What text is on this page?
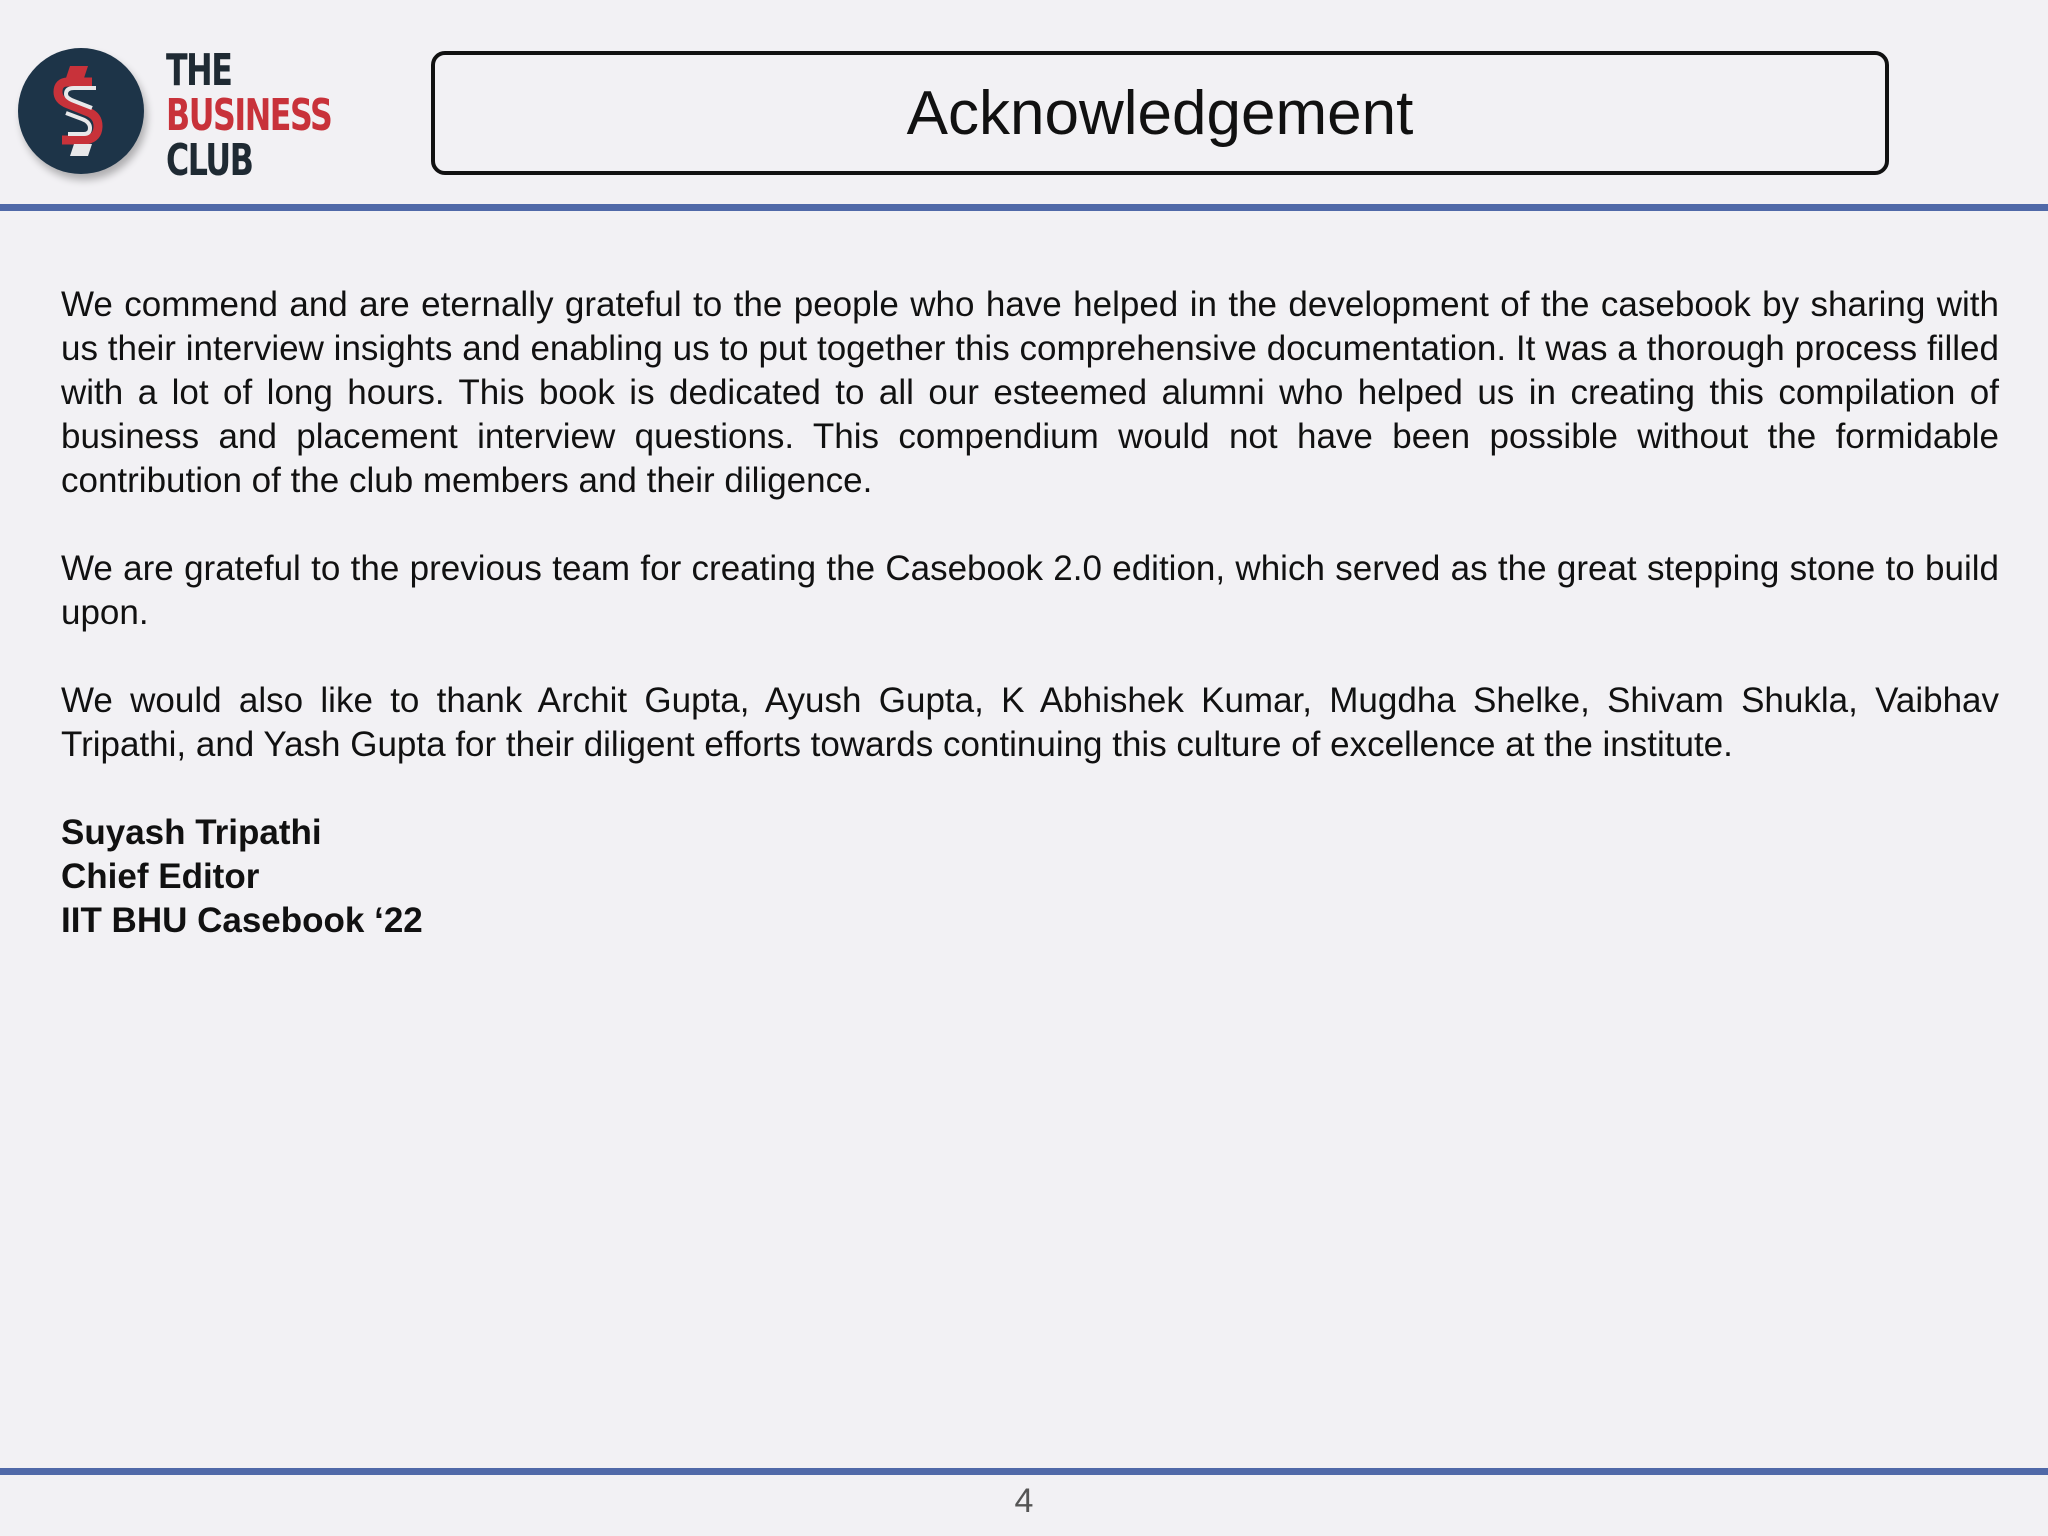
THE
BUSINESS
CLUB
Acknowledgement

We commend and are eternally grateful to the people who have helped in the development of the casebook by sharing with us their interview insights and enabling us to put together this comprehensive documentation. It was a thorough process filled with a lot of long hours. This book is dedicated to all our esteemed alumni who helped us in creating this compilation of business and placement interview questions. This compendium would not have been possible without the formidable contribution of the club members and their diligence.

We are grateful to the previous team for creating the Casebook 2.0 edition, which served as the great stepping stone to build upon.

We would also like to thank Archit Gupta, Ayush Gupta, K Abhishek Kumar, Mugdha Shelke, Shivam Shukla, Vaibhav Tripathi, and Yash Gupta for their diligent efforts towards continuing this culture of excellence at the institute.

Suyash Tripathi
Chief Editor
IIT BHU Casebook ‘22
4
